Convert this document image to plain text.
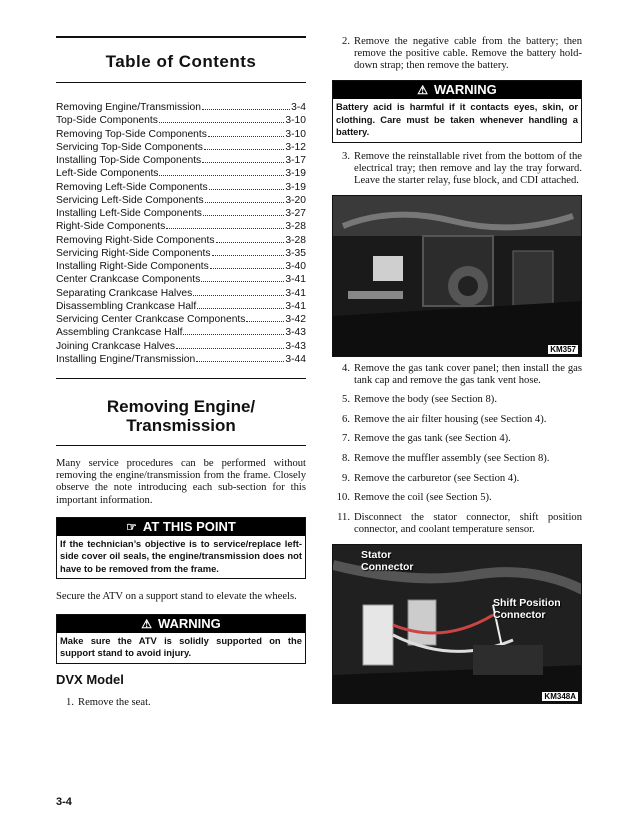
Table of Contents
Removing Engine/Transmission	3-4
Top-Side Components	3-10
Removing Top-Side Components	3-10
Servicing Top-Side Components	3-12
Installing Top-Side Components	3-17
Left-Side Components	3-19
Removing Left-Side Components	3-19
Servicing Left-Side Components	3-20
Installing Left-Side Components	3-27
Right-Side Components	3-28
Removing Right-Side Components	3-28
Servicing Right-Side Components	3-35
Installing Right-Side Components	3-40
Center Crankcase Components	3-41
Separating Crankcase Halves	3-41
Disassembling Crankcase Half	3-41
Servicing Center Crankcase Components	3-42
Assembling Crankcase Half	3-43
Joining Crankcase Halves	3-43
Installing Engine/Transmission	3-44
Removing Engine/
Transmission

Many service procedures can be performed without removing the engine/transmission from the frame. Closely observe the note introducing each sub-section for this important information.

☞ AT THIS POINT
If the technician’s objective is to service/replace left-side cover oil seals, the engine/transmission does not have to be removed from the frame.

Secure the ATV on a support stand to elevate the wheels.

⚠ WARNING
Make sure the ATV is solidly supported on the support stand to avoid injury.
DVX Model
1. Remove the seat.
2. Remove the negative cable from the battery; then remove the positive cable. Remove the battery hold-down strap; then remove the battery.
⚠ WARNING
Battery acid is harmful if it contacts eyes, skin, or clothing. Care must be taken whenever handling a battery.
3. Remove the reinstallable rivet from the bottom of the electrical tray; then remove and lay the tray forward. Leave the starter relay, fuse block, and CDI attached.
KM357
4. Remove the gas tank cover panel; then install the gas tank cap and remove the gas tank vent hose.
5. Remove the body (see Section 8).
6. Remove the air filter housing (see Section 4).
7. Remove the gas tank (see Section 4).
8. Remove the muffler assembly (see Section 8).
9. Remove the carburetor (see Section 4).
10. Remove the coil (see Section 5).
11. Disconnect the stator connector, shift position connector, and coolant temperature sensor.
Stator
Connector
Shift Position
Connector
KM348A
3-4
